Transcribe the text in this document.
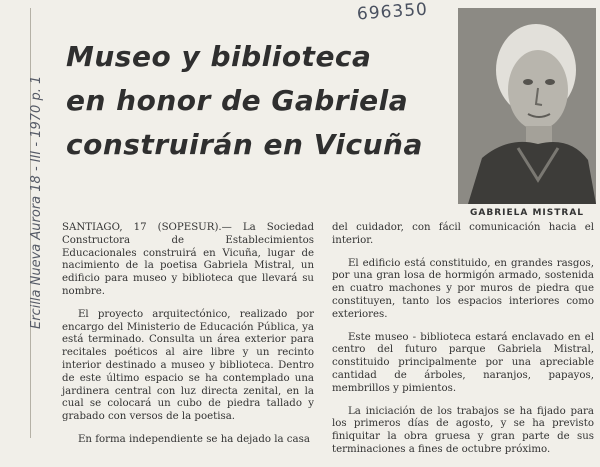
696350
Ercilla Nueva Aurora 18 - III - 1970 p. 1
Museo y biblioteca
en honor de Gabriela
construirán en Vicuña
GABRIELA MISTRAL

SANTIAGO, 17 (SOPESUR).— La Sociedad Constructora de Establecimientos Educacionales construirá en Vicuña, lugar de nacimiento de la poetisa Gabriela Mistral, un edificio para museo y biblioteca que llevará su nombre.

El proyecto arquitectónico, realizado por encargo del Ministerio de Educación Pública, ya está terminado. Consulta un área exterior para recitales poéticos al aire libre y un recinto interior destinado a museo y biblioteca. Dentro de este último espacio se ha contemplado una jardinera central con luz directa zenital, en la cual se colocará un cubo de piedra tallado y grabado con versos de la poetisa.

En forma independiente se ha dejado la casa

del cuidador, con fácil comunicación hacia el interior.

El edificio está constituido, en grandes rasgos, por una gran losa de hormigón armado, sostenida en cuatro machones y por muros de piedra que constituyen, tanto los espacios interiores como exteriores.

Este museo - biblioteca estará enclavado en el centro del futuro parque Gabriela Mistral, constituido principalmente por una apreciable cantidad de árboles, naranjos, papayos, membrillos y pimientos.

La iniciación de los trabajos se ha fijado para los primeros días de agosto, y se ha previsto finiquitar la obra gruesa y gran parte de sus terminaciones a fines de octubre próximo.
